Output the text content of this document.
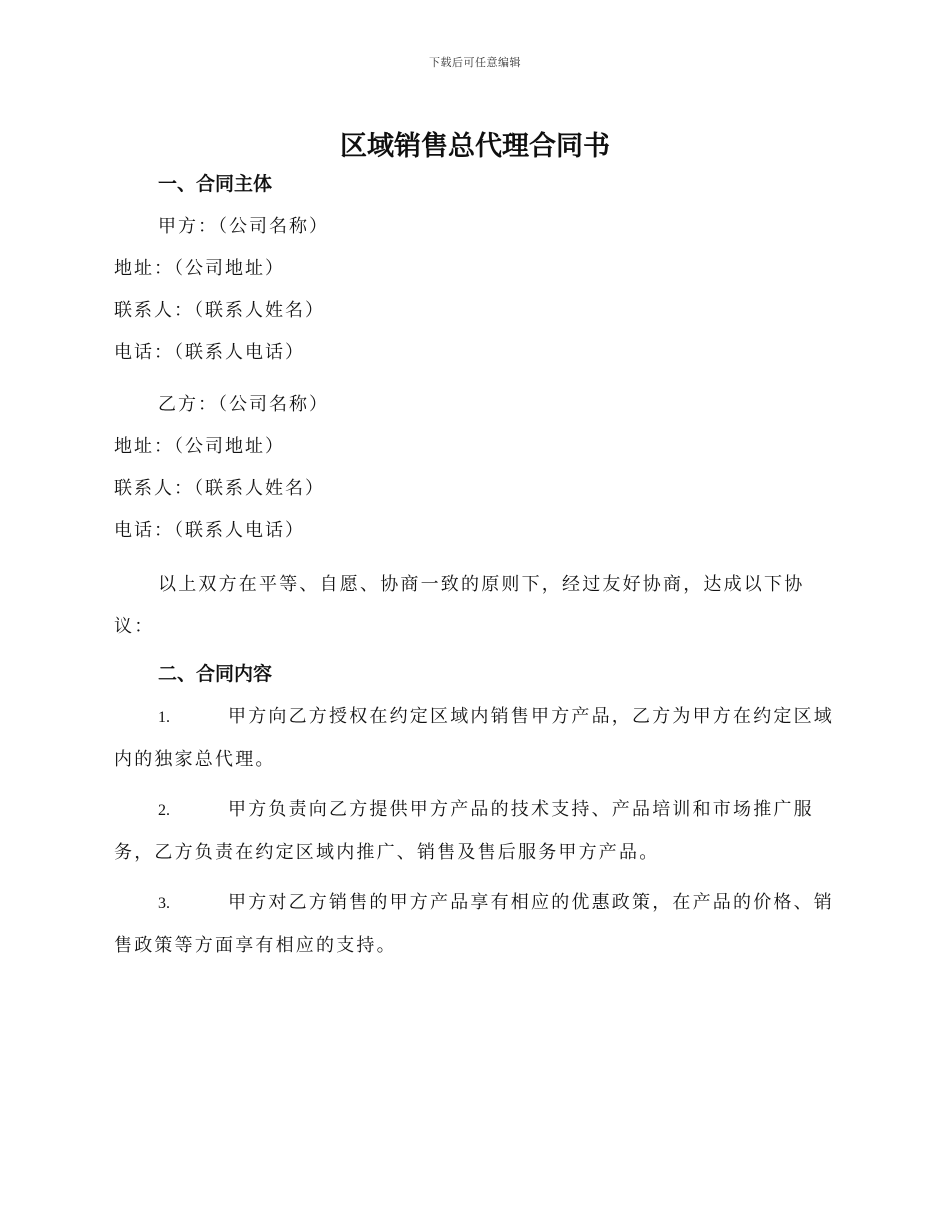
下载后可任意编辑
区域销售总代理合同书
一、合同主体

甲方：（公司名称）

地址：（公司地址）

联系人：（联系人姓名）

电话：（联系人电话）

乙方：（公司名称）

地址：（公司地址）

联系人：（联系人姓名）

电话：（联系人电话）

以上双方在平等、自愿、协商一致的原则下，经过友好协商，达成以下协议：

二、合同内容
1.	甲方向乙方授权在约定区域内销售甲方产品，乙方为甲方在约定区域内的独家总代理。
2.	甲方负责向乙方提供甲方产品的技术支持、产品培训和市场推广服务，乙方负责在约定区域内推广、销售及售后服务甲方产品。
3.	甲方对乙方销售的甲方产品享有相应的优惠政策，在产品的价格、销售政策等方面享有相应的支持。
